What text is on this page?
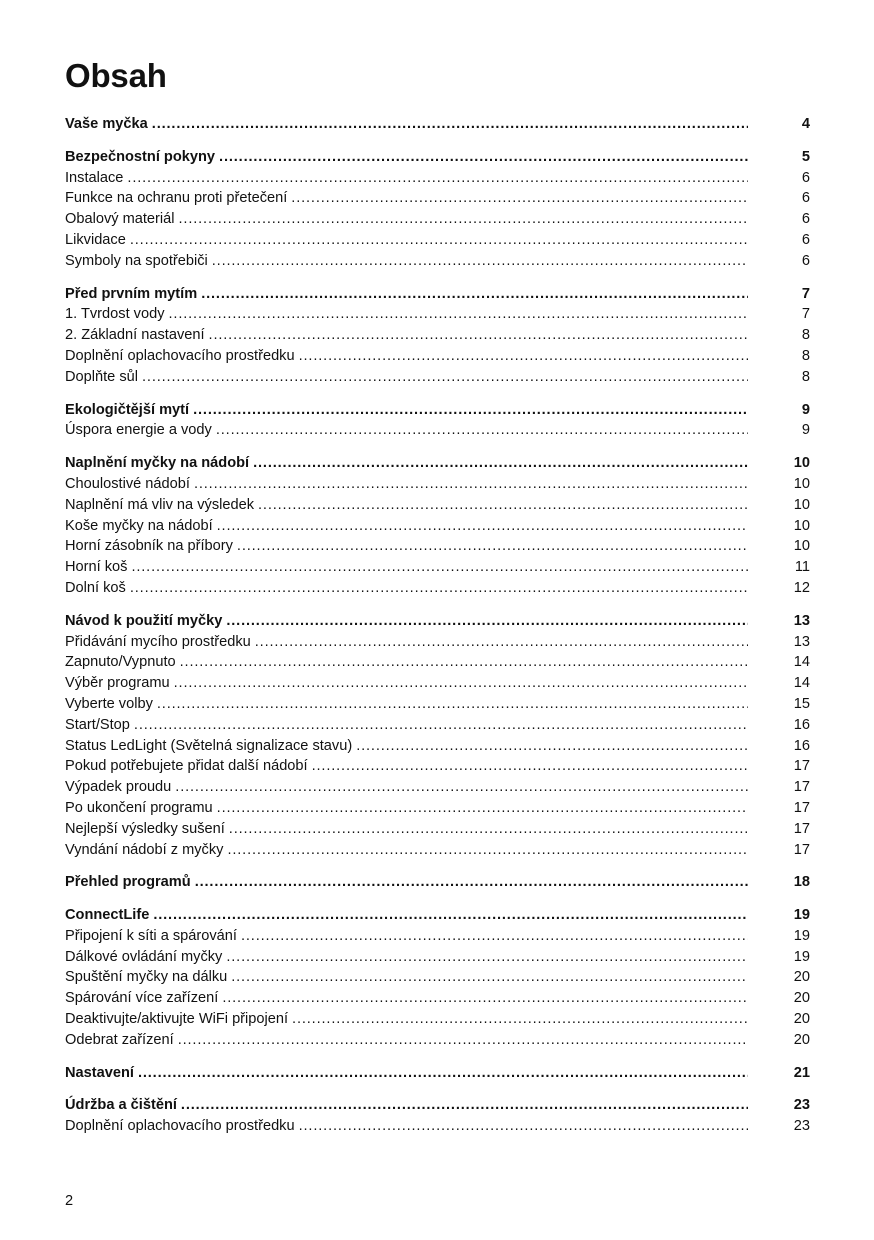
Obsah
Vaše myčka . . .	4
Bezpečnostní pokyny . . .	5
Instalace . . .	6
Funkce na ochranu proti přetečení . . .	6
Obalový materiál . . .	6
Likvidace . . .	6
Symboly na spotřebiči . . .	6
Před prvním mytím . . .	7
1. Tvrdost vody . . .	7
2. Základní nastavení . . .	8
Doplnění oplachovacího prostředku . . .	8
Doplňte sůl . . .	8
Ekologičtější mytí . . .	9
Úspora energie a vody . . .	9
Naplnění myčky na nádobí . . .	10
Choulostivé nádobí . . .	10
Naplnění má vliv na výsledek . . .	10
Koše myčky na nádobí . . .	10
Horní zásobník na příbory . . .	10
Horní koš . . .	11
Dolní koš . . .	12
Návod k použití myčky . . .	13
Přidávání mycího prostředku . . .	13
Zapnuto/Vypnuto . . .	14
Výběr programu . . .	14
Vyberte volby . . .	15
Start/Stop . . .	16
Status LedLight (Světelná signalizace stavu) . . .	16
Pokud potřebujete přidat další nádobí . . .	17
Výpadek proudu . . .	17
Po ukončení programu . . .	17
Nejlepší výsledky sušení . . .	17
Vyndání nádobí z myčky . . .	17
Přehled programů . . .	18
ConnectLife . . .	19
Připojení k síti a spárování . . .	19
Dálkové ovládání myčky . . .	19
Spuštění myčky na dálku . . .	20
Spárování více zařízení . . .	20
Deaktivujte/aktivujte WiFi připojení . . .	20
Odebrat zařízení . . .	20
Nastavení . . .	21
Údržba a čištění . . .	23
Doplnění oplachovacího prostředku . . .	23
2
